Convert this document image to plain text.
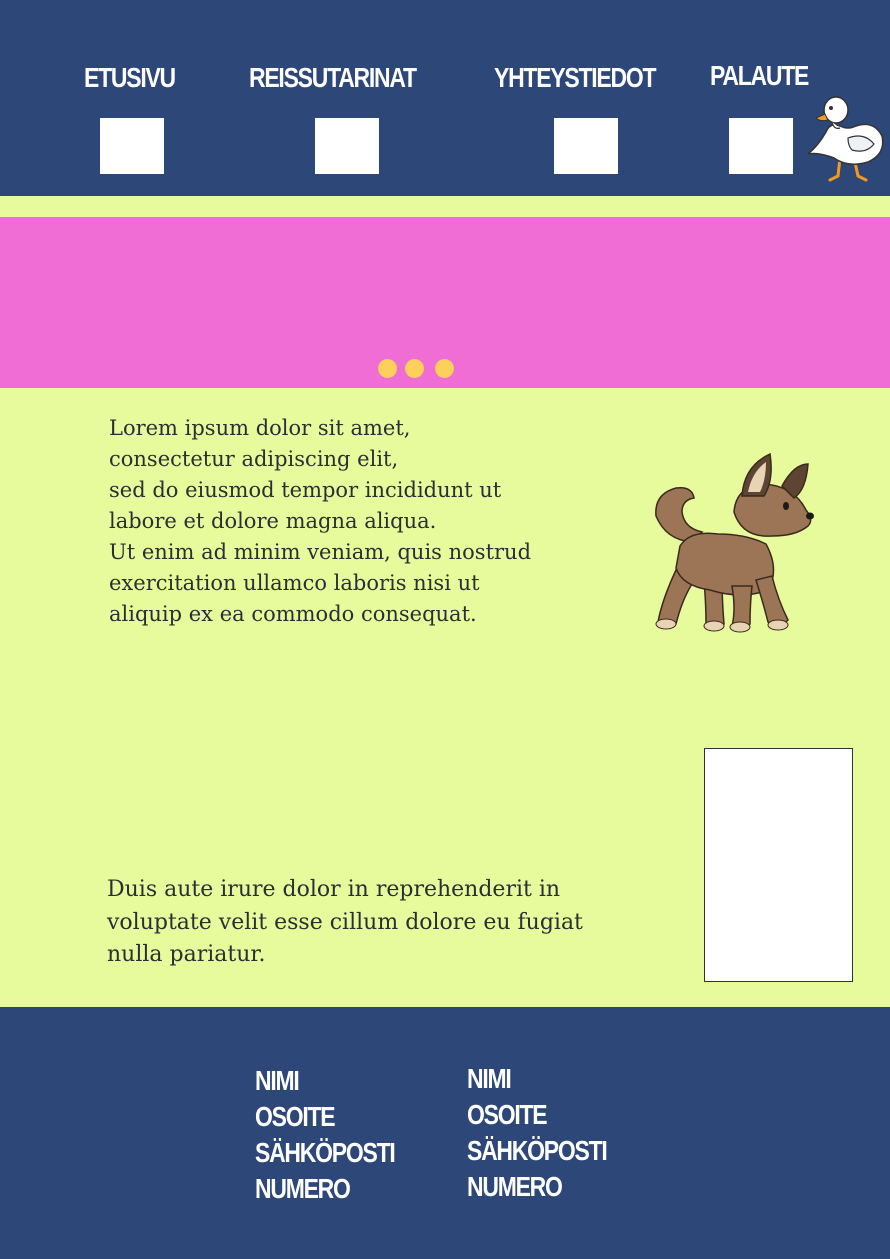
ETUSIVU	REISSUTARINAT	YHTEYSTIEDOT PALAUTE

Lorem ipsum dolor sit amet,
consectetur adipiscing elit,
sed do eiusmod tempor incididunt ut
labore et dolore magna aliqua.
Ut enim ad minim veniam, quis nostrud
exercitation ullamco laboris nisi ut
aliquip ex ea commodo consequat.

Duis aute irure dolor in reprehenderit in
voluptate velit esse cillum dolore eu fugiat
nulla pariatur.

NIMI
OSOITE
SÄHKÖPOSTI
NUMERO
NIMI
OSOITE
SÄHKÖPOSTI
NUMERO
